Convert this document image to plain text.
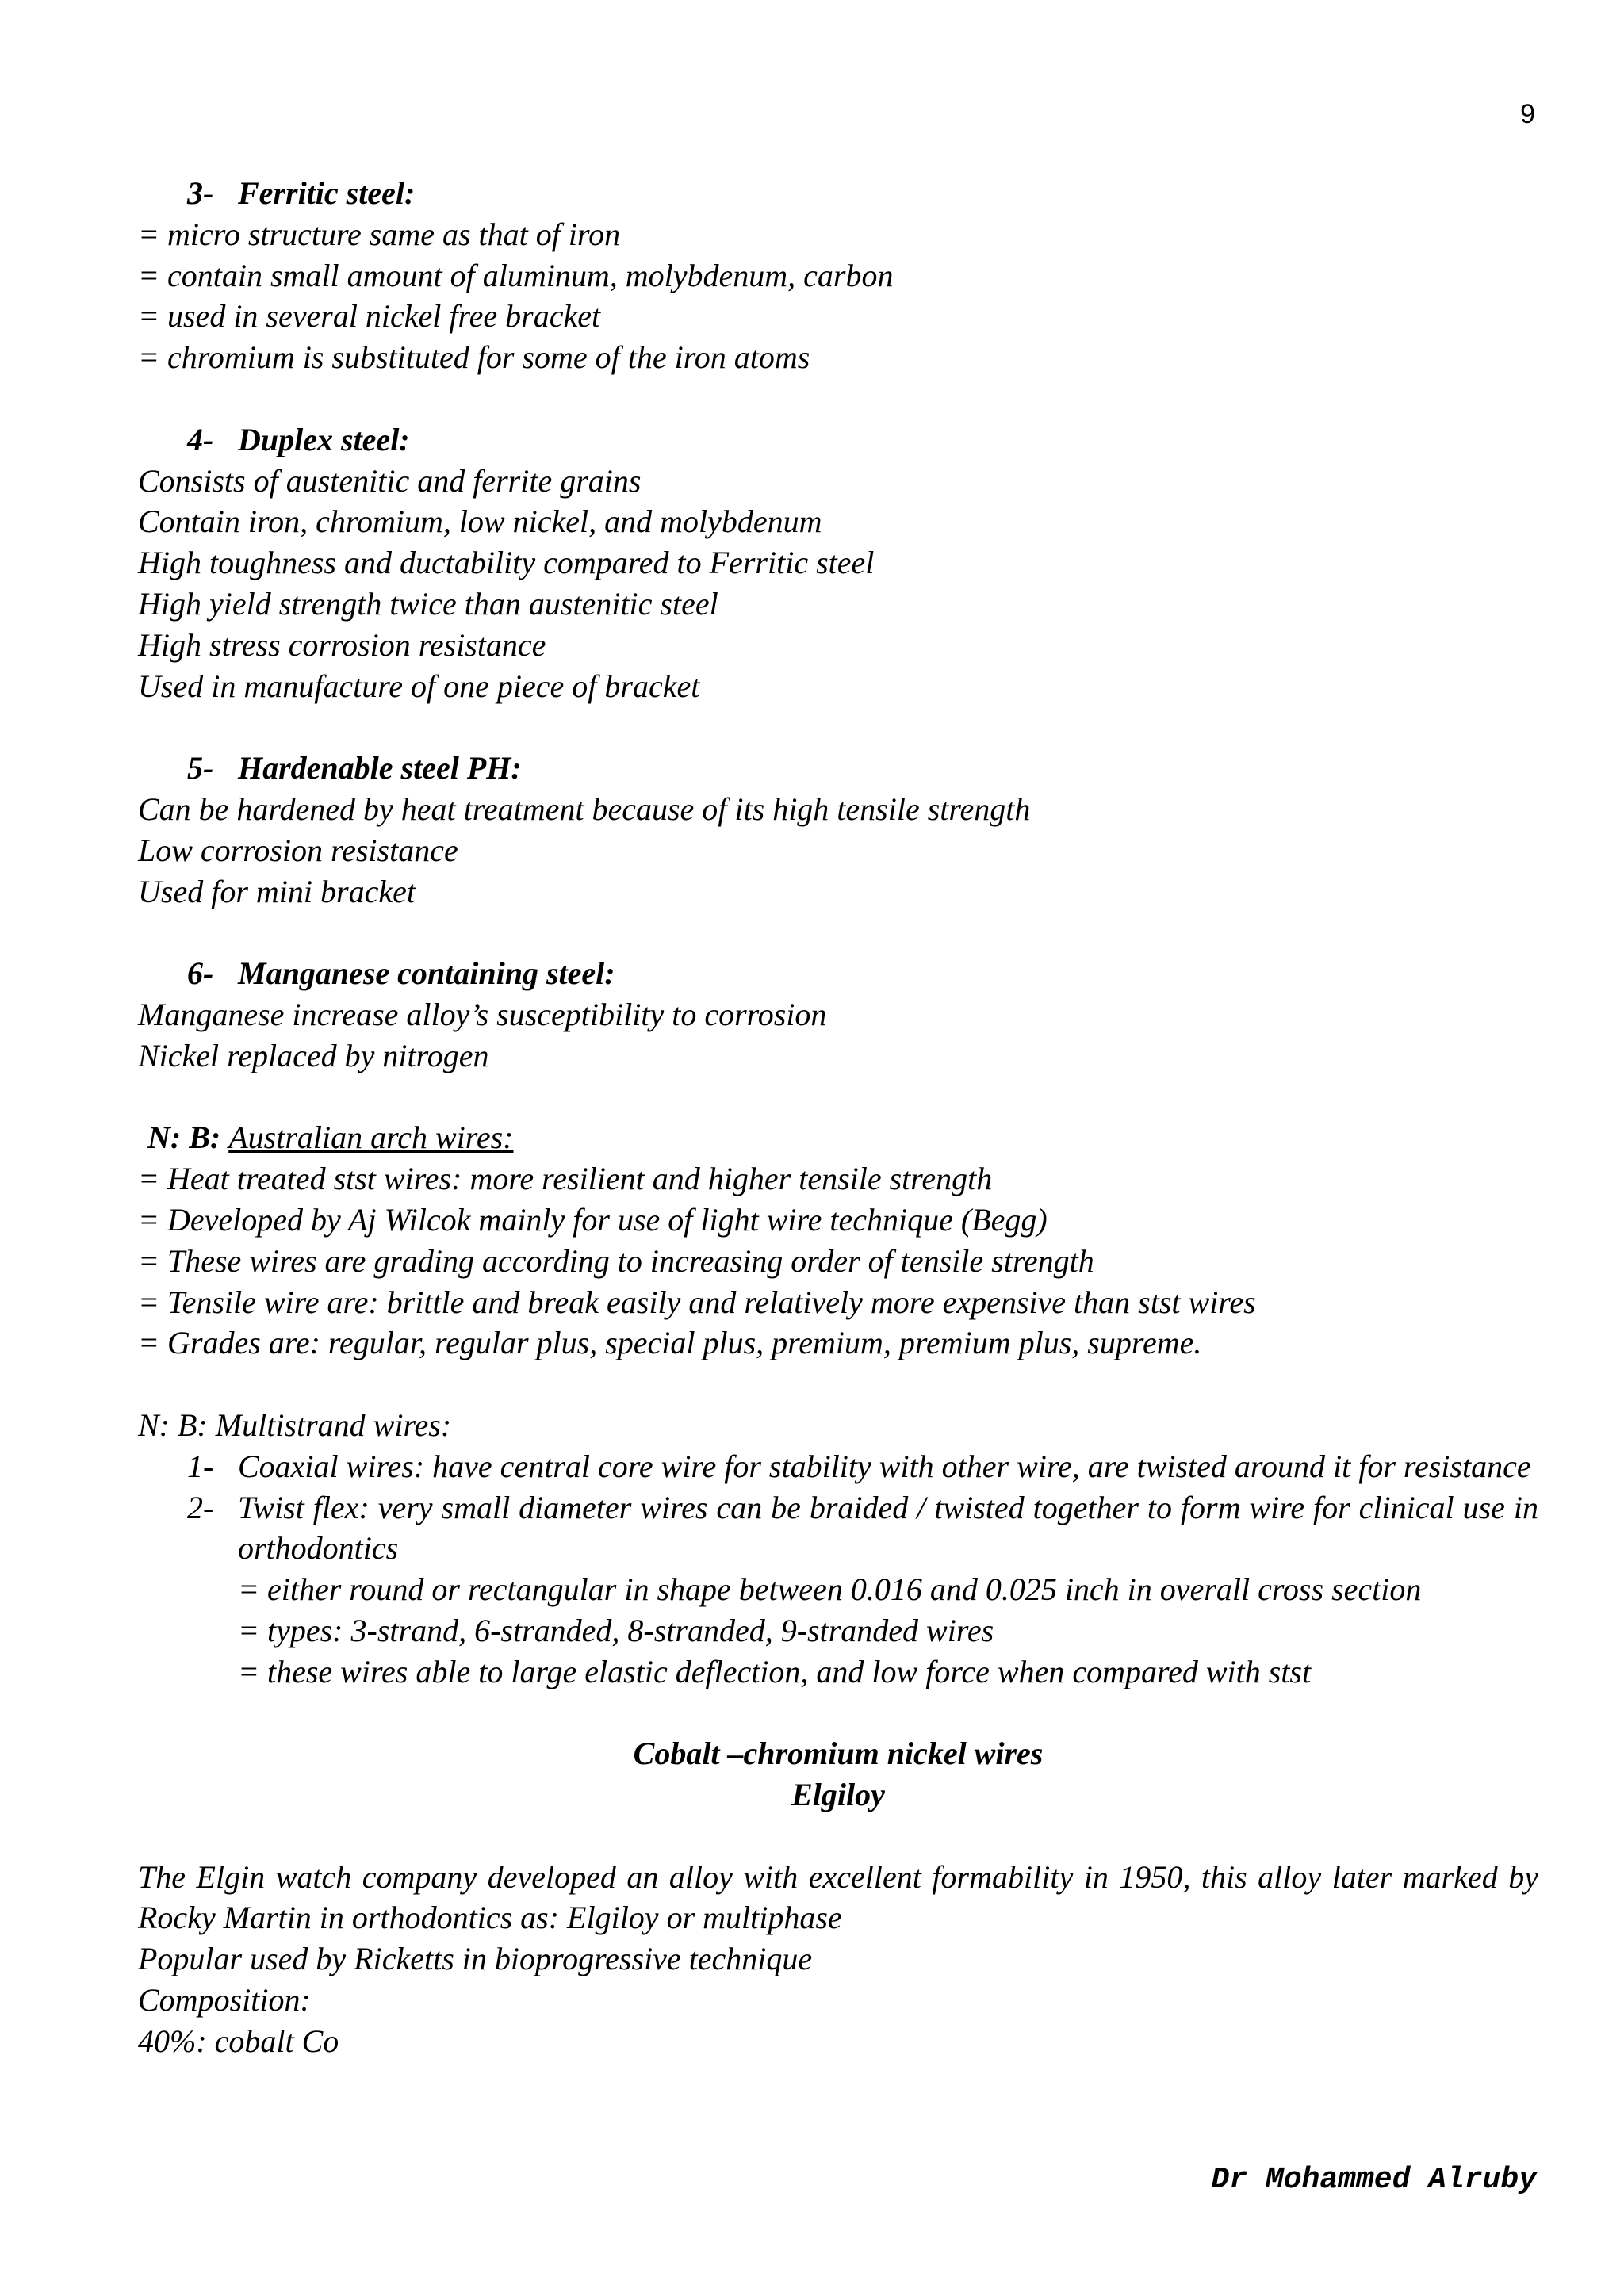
9
3- Ferritic steel:
= micro structure same as that of iron
= contain small amount of aluminum, molybdenum, carbon
= used in several nickel free bracket
= chromium is substituted for some of the iron atoms
4- Duplex steel:
Consists of austenitic and ferrite grains
Contain iron, chromium, low nickel, and molybdenum
High toughness and ductability compared to Ferritic steel
High yield strength twice than austenitic steel
High stress corrosion resistance
Used in manufacture of one piece of bracket
5- Hardenable steel PH:
Can be hardened by heat treatment because of its high tensile strength
Low corrosion resistance
Used for mini bracket
6- Manganese containing steel:
Manganese increase alloy’s susceptibility to corrosion
Nickel replaced by nitrogen
N: B: Australian arch wires:
= Heat treated stst wires: more resilient and higher tensile strength
= Developed by Aj Wilcok mainly for use of light wire technique (Begg)
= These wires are grading according to increasing order of tensile strength
= Tensile wire are: brittle and break easily and relatively more expensive than stst wires
= Grades are: regular, regular plus, special plus, premium, premium plus, supreme.
N: B: Multistrand wires:
1- Coaxial wires: have central core wire for stability with other wire, are twisted around it for resistance
2- Twist flex: very small diameter wires can be braided / twisted together to form wire for clinical use in orthodontics
= either round or rectangular in shape between 0.016 and 0.025 inch in overall cross section
= types: 3-strand, 6-stranded, 8-stranded, 9-stranded wires
= these wires able to large elastic deflection, and low force when compared with stst
Cobalt –chromium nickel wires
Elgiloy
The Elgin watch company developed an alloy with excellent formability in 1950, this alloy later marked by Rocky Martin in orthodontics as: Elgiloy or multiphase
Popular used by Ricketts in bioprogressive technique
Composition:
40%: cobalt Co
Dr Mohammed Alruby
